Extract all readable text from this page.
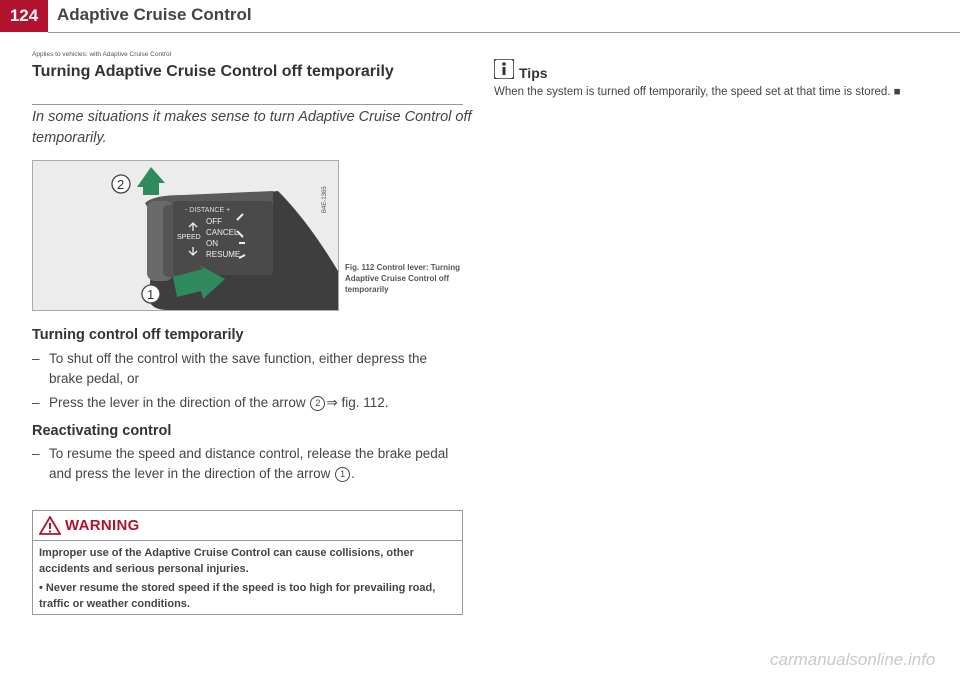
124	Adaptive Cruise Control
Applies to vehicles: with Adaptive Cruise Control
Turning Adaptive Cruise Control off temporarily
In some situations it makes sense to turn Adaptive Cruise Control off temporarily.
- DISTANCE +
OFF
CANCEL
ON
RESUME
SPEED
2
1
B4E-1365
Fig. 112 Control lever: Turning Adaptive Cruise Control off temporarily
Turning control off temporarily
– To shut off the control with the save function, either depress the brake pedal, or
– Press the lever in the direction of the arrow 2 ⇒ fig. 112.
Reactivating control
– To resume the speed and distance control, release the brake pedal and press the lever in the direction of the arrow 1 .
WARNING

Improper use of the Adaptive Cruise Control can cause collisions, other accidents and serious personal injuries.

• Never resume the stored speed if the speed is too high for prevailing road, traffic or weather conditions.

Tips
When the system is turned off temporarily, the speed set at that time is stored. ■
carmanualsonline.info
